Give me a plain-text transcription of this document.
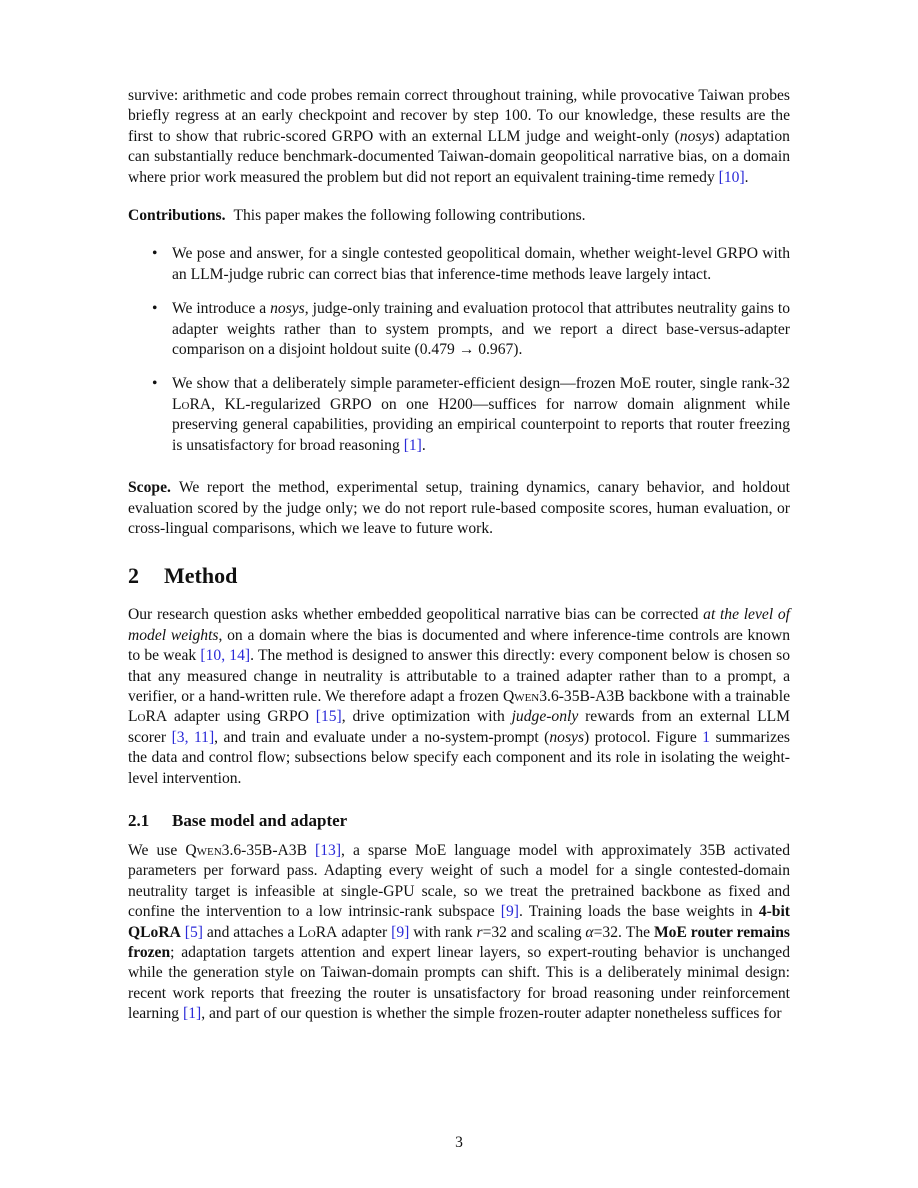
survive: arithmetic and code probes remain correct throughout training, while provocative Taiwan probes briefly regress at an early checkpoint and recover by step 100. To our knowledge, these results are the first to show that rubric-scored GRPO with an external LLM judge and weight-only (nosys) adaptation can substantially reduce benchmark-documented Taiwan-domain geopolitical narrative bias, on a domain where prior work measured the problem but did not report an equivalent training-time remedy [10].

Contributions. This paper makes the following following contributions.

• We pose and answer, for a single contested geopolitical domain, whether weight-level GRPO with an LLM-judge rubric can correct bias that inference-time methods leave largely intact.
• We introduce a nosys, judge-only training and evaluation protocol that attributes neutrality gains to adapter weights rather than to system prompts, and we report a direct base-versus-adapter comparison on a disjoint holdout suite (0.479 → 0.967).
• We show that a deliberately simple parameter-efficient design—frozen MoE router, single rank-32 LoRA, KL-regularized GRPO on one H200—suffices for narrow domain alignment while preserving general capabilities, providing an empirical counterpoint to reports that router freezing is unsatisfactory for broad reasoning [1].

Scope. We report the method, experimental setup, training dynamics, canary behavior, and holdout evaluation scored by the judge only; we do not report rule-based composite scores, human evaluation, or cross-lingual comparisons, which we leave to future work.

2 Method

Our research question asks whether embedded geopolitical narrative bias can be corrected at the level of model weights, on a domain where the bias is documented and where inference-time controls are known to be weak [10, 14]. The method is designed to answer this directly: every component below is chosen so that any measured change in neutrality is attributable to a trained adapter rather than to a prompt, a verifier, or a hand-written rule. We therefore adapt a frozen Qwen3.6-35B-A3B backbone with a trainable LoRA adapter using GRPO [15], drive optimization with judge-only rewards from an external LLM scorer [3, 11], and train and evaluate under a no-system-prompt (nosys) protocol. Figure 1 summarizes the data and control flow; subsections below specify each component and its role in isolating the weight-level intervention.

2.1 Base model and adapter

We use Qwen3.6-35B-A3B [13], a sparse MoE language model with approximately 35B activated parameters per forward pass. Adapting every weight of such a model for a single contested-domain neutrality target is infeasible at single-GPU scale, so we treat the pretrained backbone as fixed and confine the intervention to a low intrinsic-rank subspace [9]. Training loads the base weights in 4-bit QLoRA [5] and attaches a LoRA adapter [9] with rank r=32 and scaling α=32. The MoE router remains frozen; adaptation targets attention and expert linear layers, so expert-routing behavior is unchanged while the generation style on Taiwan-domain prompts can shift. This is a deliberately minimal design: recent work reports that freezing the router is unsatisfactory for broad reasoning under reinforcement learning [1], and part of our question is whether the simple frozen-router adapter nonetheless suffices for

3
